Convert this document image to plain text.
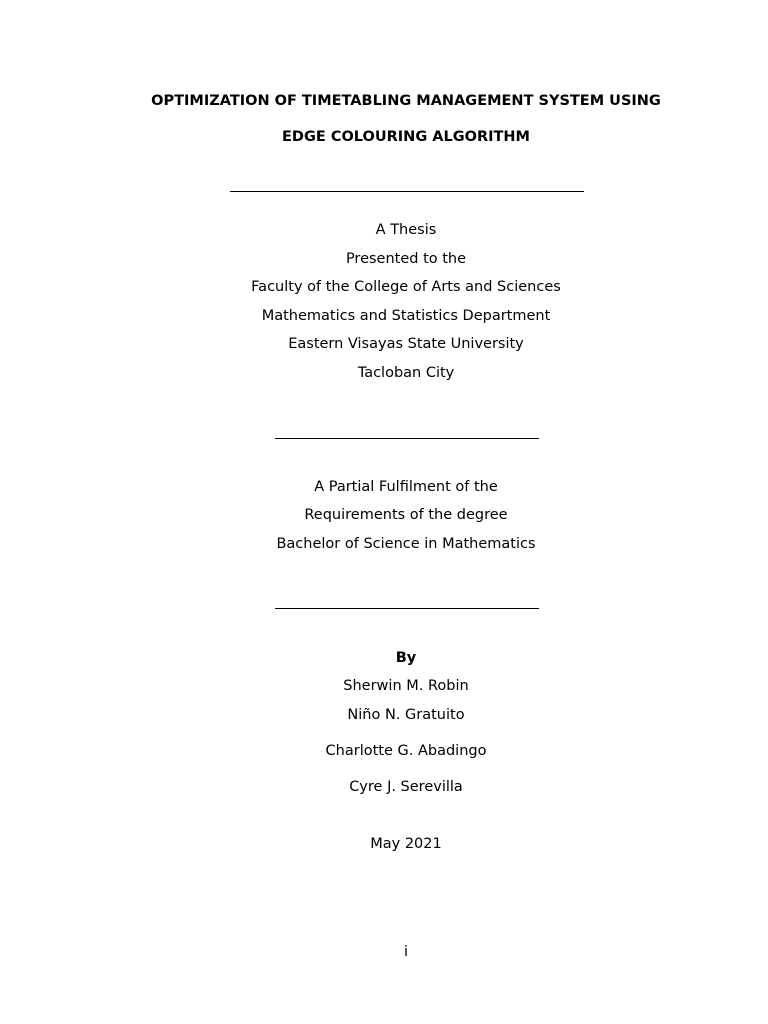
OPTIMIZATION OF TIMETABLING MANAGEMENT SYSTEM USING
EDGE COLOURING ALGORITHM
A Thesis
Presented to the
Faculty of the College of Arts and Sciences
Mathematics and Statistics Department
Eastern Visayas State University
Tacloban City
A Partial Fulfilment of the
Requirements of the degree
Bachelor of Science in Mathematics
By
Sherwin M. Robin
Niño N. Gratuito
Charlotte G. Abadingo
Cyre J. Serevilla
May 2021
i
